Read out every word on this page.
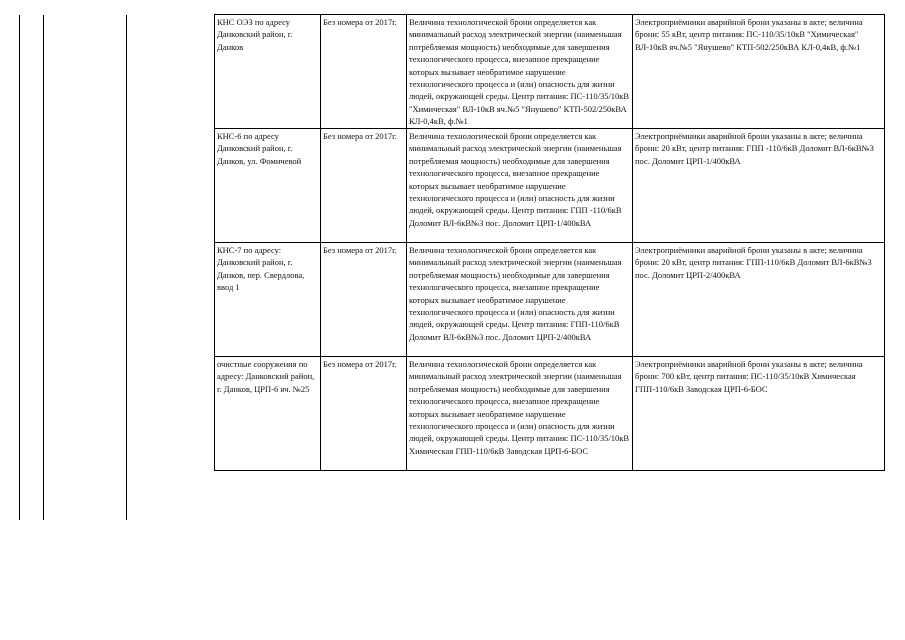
КНС ОЭЗ по адресу Данковский район, г. Данков	Без номера от 2017г.	Величина технологической брони определяется как минимальный расход электрической энергии (наименьшая потребляемая мощность) необходимые для завершения технологического процесса, внезапное прекращение которых вызывает необратимое нарушение технологического процесса и (или) опасность для жизни людей, окружающей среды. Центр питания: ПС-110/35/10кВ "Химическая" ВЛ-10кВ яч.№5 "Янушево" КТП-502/250кВА КЛ-0,4кВ, ф.№1	Электроприёмники аварийной брони указаны в акте; величина брони: 55 кВт, центр питания: ПС-110/35/10кВ "Химическая" ВЛ-10кВ яч.№5 "Янушево" КТП-502/250кВА КЛ-0,4кВ, ф.№1
КНС-6 по адресу Данковский район, г. Данков, ул. Фомичевой	Без номера от 2017г.	Величина технологической брони определяется как минимальный расход электрической энергии (наименьшая потребляемая мощность) необходимые для завершения технологического процесса, внезапное прекращение которых вызывает необратимое нарушение технологического процесса и (или) опасность для жизни людей, окружающей среды. Центр питания: ГПП -110/6кВ Доломит ВЛ-6кВ№3 пос. Доломит ЦРП-1/400кВА	Электроприёмники аварийной брони указаны в акте; величина брони: 20 кВт, центр питания: ГПП -110/6кВ Доломит ВЛ-6кВ№3 пос. Доломит ЦРП-1/400кВА
КНС-7 по адресу: Данковский район, г. Данков, пер. Свердлова, ввод 1	Без номера от 2017г.	Величина технологической брони определяется как минимальный расход электрической энергии (наименьшая потребляемая мощность) необходимые для завершения технологического процесса, внезапное прекращение которых вызывает необратимое нарушение технологического процесса и (или) опасность для жизни людей, окружающей среды. Центр питания: ГПП-110/6кВ Доломит ВЛ-6кВ№3 пос. Доломит ЦРП-2/400кВА	Электроприёмники аварийной брони указаны в акте; величина брони: 20 кВт, центр питания: ГПП-110/6кВ Доломит ВЛ-6кВ№3 пос. Доломит ЦРП-2/400кВА
очистные сооружения по адресу: Данковский район, г. Данков, ЦРП-6 яч. №25	Без номера от 2017г.	Величина технологической брони определяется как минимальный расход электрической энергии (наименьшая потребляемая мощность) необходимые для завершения технологического процесса, внезапное прекращение которых вызывает необратимое нарушение технологического процесса и (или) опасность для жизни людей, окружающей среды. Центр питания: ПС-110/35/10кВ Химическая ГПП-110/6кВ Заводская ЦРП-6-БОС	Электроприёмники аварийной брони указаны в акте; величина брони: 700 кВт, центр питания: ПС-110/35/10кВ Химическая ГПП-110/6кВ Заводская ЦРП-6-БОС
